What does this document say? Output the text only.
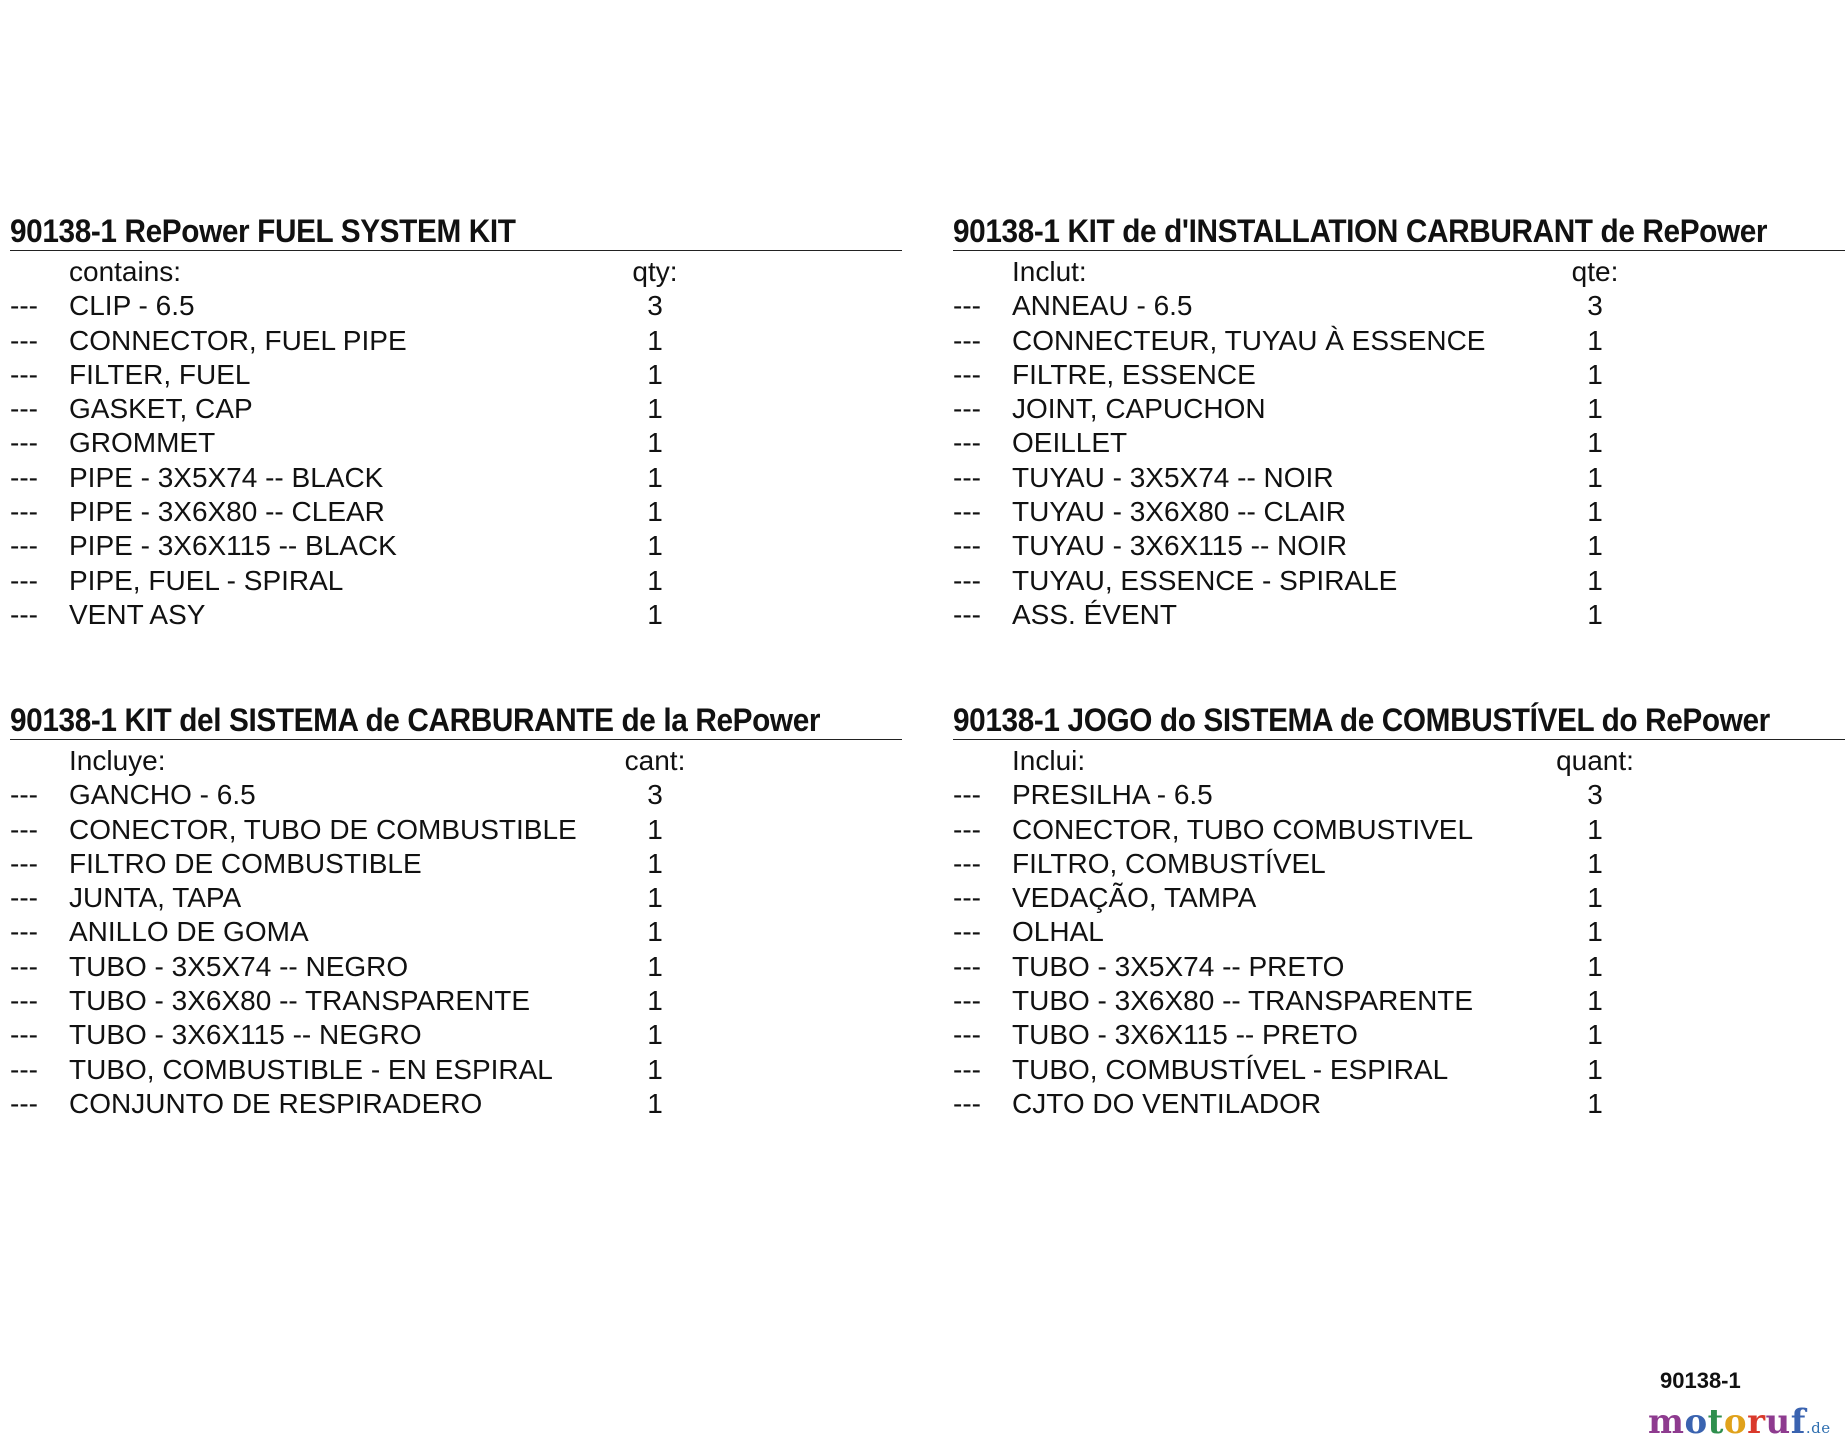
90138-1 RePower FUEL SYSTEM KIT
contains:	qty:
---	CLIP - 6.5	3
---	CONNECTOR, FUEL PIPE	1
---	FILTER, FUEL	1
---	GASKET, CAP	1
---	GROMMET	1
---	PIPE - 3X5X74 -- BLACK	1
---	PIPE - 3X6X80 -- CLEAR	1
---	PIPE - 3X6X115 -- BLACK	1
---	PIPE, FUEL - SPIRAL	1
---	VENT ASY	1
90138-1 KIT de d'INSTALLATION CARBURANT de RePower
Inclut:	qte:
---	ANNEAU - 6.5	3
---	CONNECTEUR, TUYAU À ESSENCE	1
---	FILTRE, ESSENCE	1
---	JOINT, CAPUCHON	1
---	OEILLET	1
---	TUYAU - 3X5X74 -- NOIR	1
---	TUYAU - 3X6X80 -- CLAIR	1
---	TUYAU - 3X6X115 -- NOIR	1
---	TUYAU, ESSENCE - SPIRALE	1
---	ASS. ÉVENT	1
90138-1 KIT del SISTEMA de CARBURANTE de la RePower
Incluye:	cant:
---	GANCHO - 6.5	3
---	CONECTOR, TUBO DE COMBUSTIBLE	1
---	FILTRO DE COMBUSTIBLE	1
---	JUNTA, TAPA	1
---	ANILLO DE GOMA	1
---	TUBO - 3X5X74 -- NEGRO	1
---	TUBO - 3X6X80 -- TRANSPARENTE	1
---	TUBO - 3X6X115 -- NEGRO	1
---	TUBO, COMBUSTIBLE - EN ESPIRAL	1
---	CONJUNTO DE RESPIRADERO	1
90138-1 JOGO do SISTEMA de COMBUSTÍVEL do RePower
Inclui:	quant:
---	PRESILHA - 6.5	3
---	CONECTOR, TUBO COMBUSTIVEL	1
---	FILTRO, COMBUSTÍVEL	1
---	VEDAÇÃO, TAMPA	1
---	OLHAL	1
---	TUBO - 3X5X74 -- PRETO	1
---	TUBO - 3X6X80 -- TRANSPARENTE	1
---	TUBO - 3X6X115 -- PRETO	1
---	TUBO, COMBUSTÍVEL - ESPIRAL	1
---	CJTO DO VENTILADOR	1
90138-1
motoruf.de
